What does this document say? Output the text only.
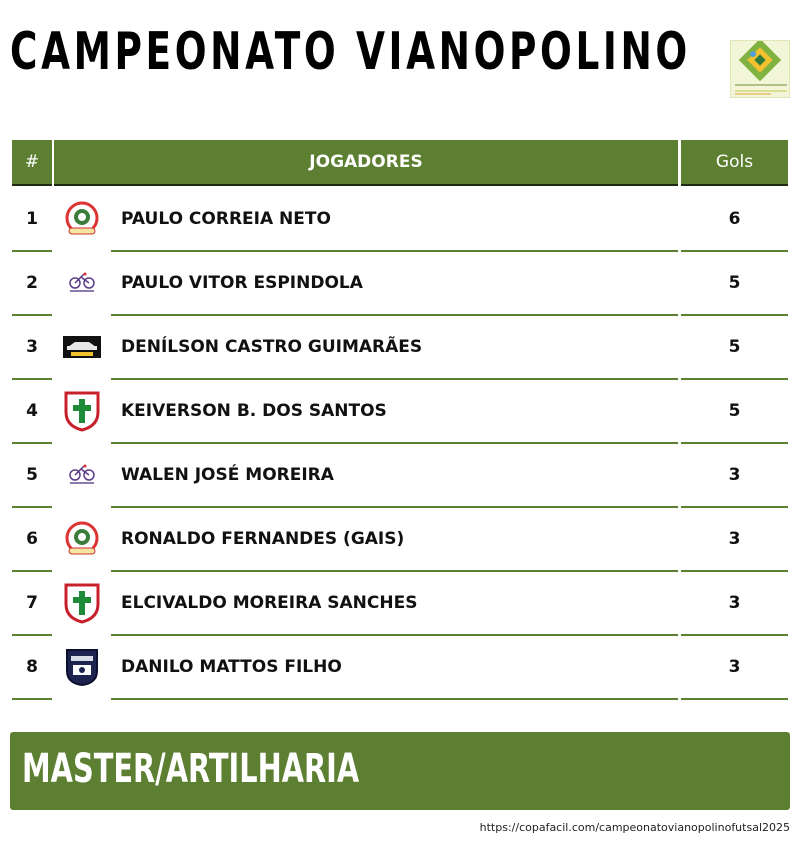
CAMPEONATO VIANOPOLINO
#	JOGADORES	Gols
1	PAULO CORREIA NETO	6
2	PAULO VITOR ESPINDOLA	5
3	DENÍLSON CASTRO GUIMARÃES	5
4	KEIVERSON B. DOS SANTOS	5
5	WALEN JOSÉ MOREIRA	3
6	RONALDO FERNANDES (GAIS)	3
7	ELCIVALDO MOREIRA SANCHES	3
8	DANILO MATTOS FILHO	3
MASTER/ARTILHARIA
https://copafacil.com/campeonatovianopolinofutsal2025
